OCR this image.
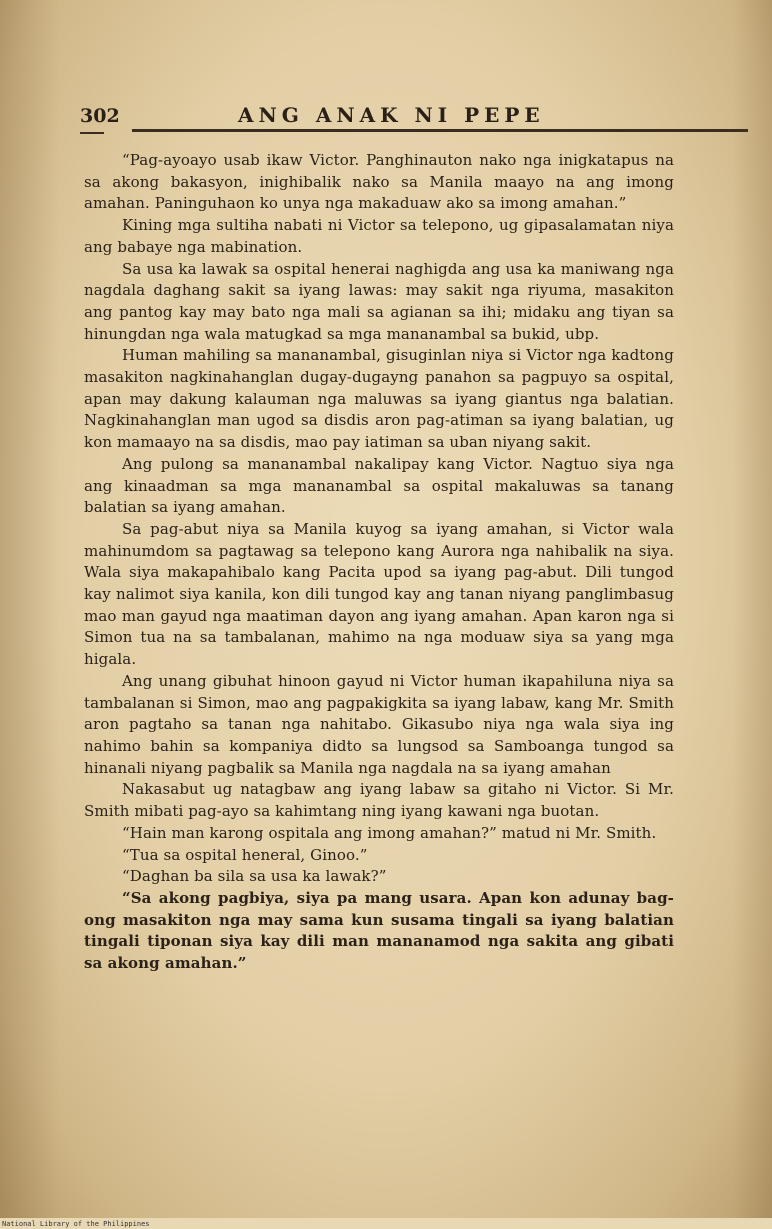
302	ANG ANAK NI PEPE

“Pag-ayoayo usab ikaw Victor. Panghinauton nako nga inigkatapus na sa akong bakasyon, inighibalik nako sa Manila maayo na ang imong amahan. Paninguhaon ko unya nga makaduaw ako sa imong amahan.”

Kining mga sultiha nabati ni Victor sa telepono, ug gipasalamatan niya ang babaye nga mabination.

Sa usa ka lawak sa ospital henerai naghigda ang usa ka maniwang nga nagdala daghang sakit sa iyang lawas: may sakit nga riyuma, masakiton ang pantog kay may bato nga mali sa agianan sa ihi; midaku ang tiyan sa hinungdan nga wala matugkad sa mga mananambal sa bukid, ubp.

Human mahiling sa mananambal, gisuginlan niya si Victor nga kadtong masakiton nagkinahanglan dugay-dugayng panahon sa pagpuyo sa ospital, apan may dakung kalauman nga maluwas sa iyang giantus nga balatian. Nagkinahanglan man ugod sa disdis aron pag-atiman sa iyang balatian, ug kon mamaayo na sa disdis, mao pay iatiman sa uban niyang sakit.

Ang pulong sa mananambal nakalipay kang Victor. Nagtuo siya nga ang kinaadman sa mga mananambal sa ospital makaluwas sa tanang balatian sa iyang amahan.

Sa pag-abut niya sa Manila kuyog sa iyang amahan, si Victor wala mahinumdom sa pagtawag sa telepono kang Aurora nga nahibalik na siya. Wala siya makapahibalo kang Pacita upod sa iyang pag-abut. Dili tungod kay nalimot siya kanila, kon dili tungod kay ang tanan niyang panglimbasug mao man gayud nga maatiman dayon ang iyang amahan. Apan karon nga si Simon tua na sa tambalanan, mahimo na nga moduaw siya sa yang mga higala.

Ang unang gibuhat hinoon gayud ni Victor human ikapahiluna niya sa tambalanan si Simon, mao ang pagpakigkita sa iyang labaw, kang Mr. Smith aron pagtaho sa tanan nga nahitabo. Gikasubo niya nga wala siya ing nahimo bahin sa kompaniya didto sa lungsod sa Samboanga tungod sa hinanali niyang pagbalik sa Manila nga nagdala na sa iyang amahan

Nakasabut ug natagbaw ang iyang labaw sa gitaho ni Victor. Si Mr. Smith mibati pag-ayo sa kahimtang ning iyang kawani nga buotan.

“Hain man karong ospitala ang imong amahan?” matud ni Mr. Smith.

“Tua sa ospital heneral, Ginoo.”

“Daghan ba sila sa usa ka lawak?”

“Sa akong pagbiya, siya pa mang usara. Apan kon adunay bag-ong masakiton nga may sama kun susama tingali sa iyang balatian tingali tiponan siya kay dili man mananamod nga sakita ang gibati sa akong amahan.”

National Library of the Philippines
